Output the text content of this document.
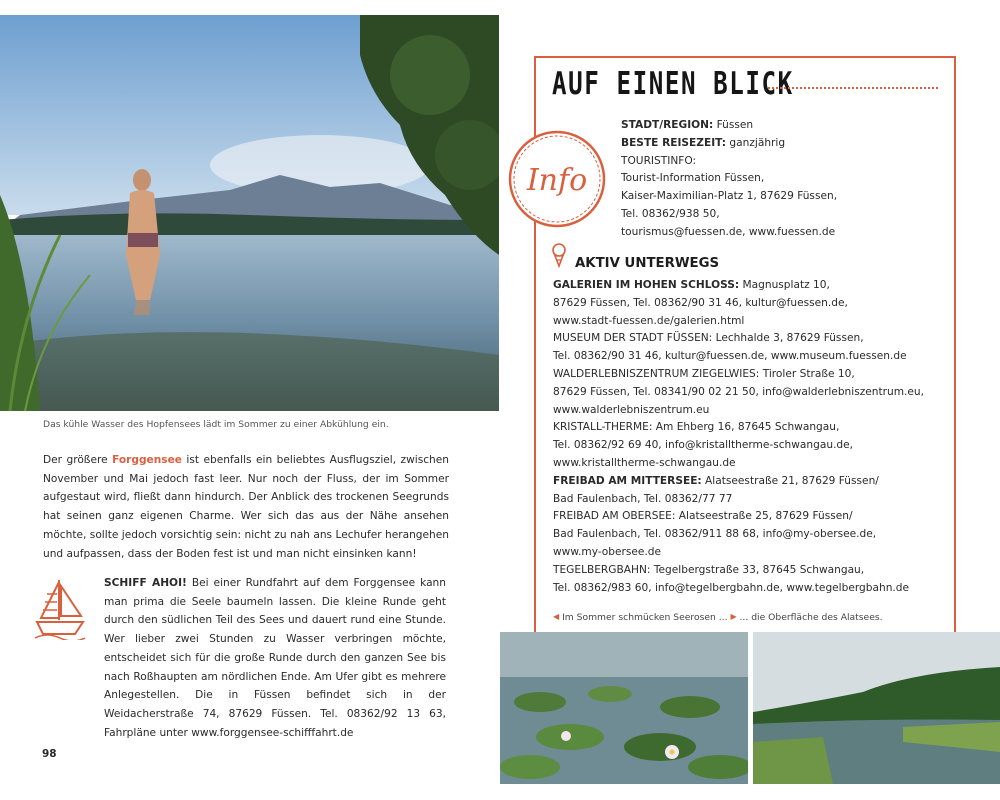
Das kühle Wasser des Hopfensees lädt im Sommer zu einer Abkühlung ein.
Der größere Forggensee ist ebenfalls ein beliebtes Ausflugsziel, zwischen November und Mai jedoch fast leer. Nur noch der Fluss, der im Sommer aufgestaut wird, fließt dann hindurch. Der Anblick des trockenen Seegrunds hat seinen ganz eigenen Charme. Wer sich das aus der Nähe ansehen möchte, sollte jedoch vorsichtig sein: nicht zu nah ans Lechufer herangehen und aufpassen, dass der Boden fest ist und man nicht einsinken kann!
SCHIFF AHOI! Bei einer Rundfahrt auf dem Forggensee kann man prima die Seele baumeln lassen. Die kleine Runde geht durch den südlichen Teil des Sees und dauert rund eine Stunde. Wer lieber zwei Stunden zu Wasser verbringen möchte, entscheidet sich für die große Runde durch den ganzen See bis nach Roßhaupten am nördlichen Ende. Am Ufer gibt es mehrere Anlegestellen. Die in Füssen befindet sich in der Weidacherstraße 74, 87629 Füssen. Tel. 08362/92 13 63, Fahrpläne unter www.forggensee-schifffahrt.de
98
AUF EINEN BLICK
Info
STADT/REGION: Füssen
BESTE REISEZEIT: ganzjährig
TOURISTINFO:
Tourist-Information Füssen,
Kaiser-Maximilian-Platz 1, 87629 Füssen,
Tel. 08362/938 50,
tourismus@fuessen.de, www.fuessen.de
AKTIV UNTERWEGS
GALERIEN IM HOHEN SCHLOSS: Magnusplatz 10,
87629 Füssen, Tel. 08362/90 31 46, kultur@fuessen.de,
www.stadt-fuessen.de/galerien.html
MUSEUM DER STADT FÜSSEN: Lechhalde 3, 87629 Füssen,
Tel. 08362/90 31 46, kultur@fuessen.de, www.museum.fuessen.de
WALDERLEBNISZENTRUM ZIEGELWIES: Tiroler Straße 10,
87629 Füssen, Tel. 08341/90 02 21 50, info@walderlebniszentrum.eu,
www.walderlebniszentrum.eu
KRISTALL-THERME: Am Ehberg 16, 87645 Schwangau,
Tel. 08362/92 69 40, info@kristalltherme-schwangau.de,
www.kristalltherme-schwangau.de
FREIBAD AM MITTERSEE: Alatseestraße 21, 87629 Füssen/
Bad Faulenbach, Tel. 08362/77 77
FREIBAD AM OBERSEE: Alatseestraße 25, 87629 Füssen/
Bad Faulenbach, Tel. 08362/911 88 68, info@my-obersee.de,
www.my-obersee.de
TEGELBERGBAHN: Tegelbergstraße 33, 87645 Schwangau,
Tel. 08362/983 60, info@tegelbergbahn.de, www.tegelbergbahn.de
◀ Im Sommer schmücken Seerosen ... ▶ ... die Oberfläche des Alatsees.
